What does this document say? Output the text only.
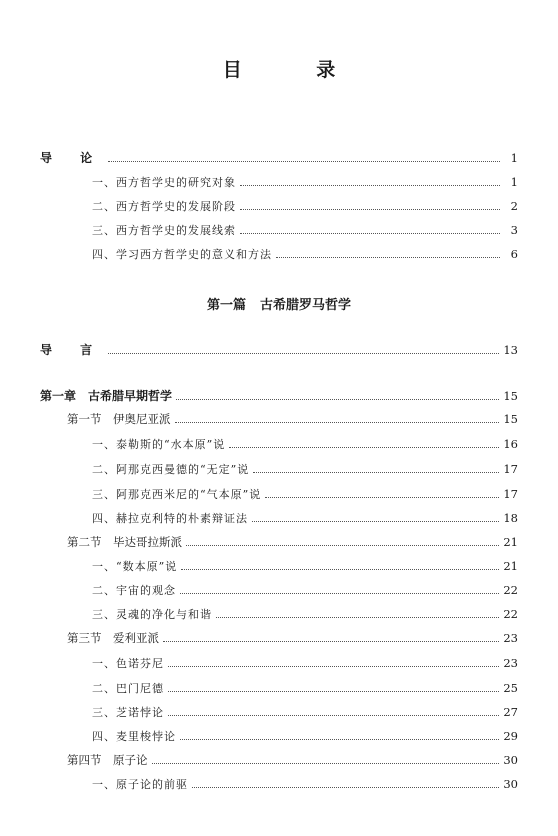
目 录
导 论	1
一、西方哲学史的研究对象	1
二、西方哲学史的发展阶段	2
三、西方哲学史的发展线索	3
四、学习西方哲学史的意义和方法	6
第一篇 古希腊罗马哲学
导 言	13
第一章　古希腊早期哲学	15
第一节　伊奥尼亚派	15
一、泰勒斯的“水本原”说	16
二、阿那克西曼德的“无定”说	17
三、阿那克西米尼的“气本原”说	17
四、赫拉克利特的朴素辩证法	18
第二节　毕达哥拉斯派	21
一、“数本原”说	21
二、宇宙的观念	22
三、灵魂的净化与和谐	22
第三节　爱利亚派	23
一、色诺芬尼	23
二、巴门尼德	25
三、芝诺悖论	27
四、麦里梭悖论	29
第四节　原子论	30
一、原子论的前驱	30
